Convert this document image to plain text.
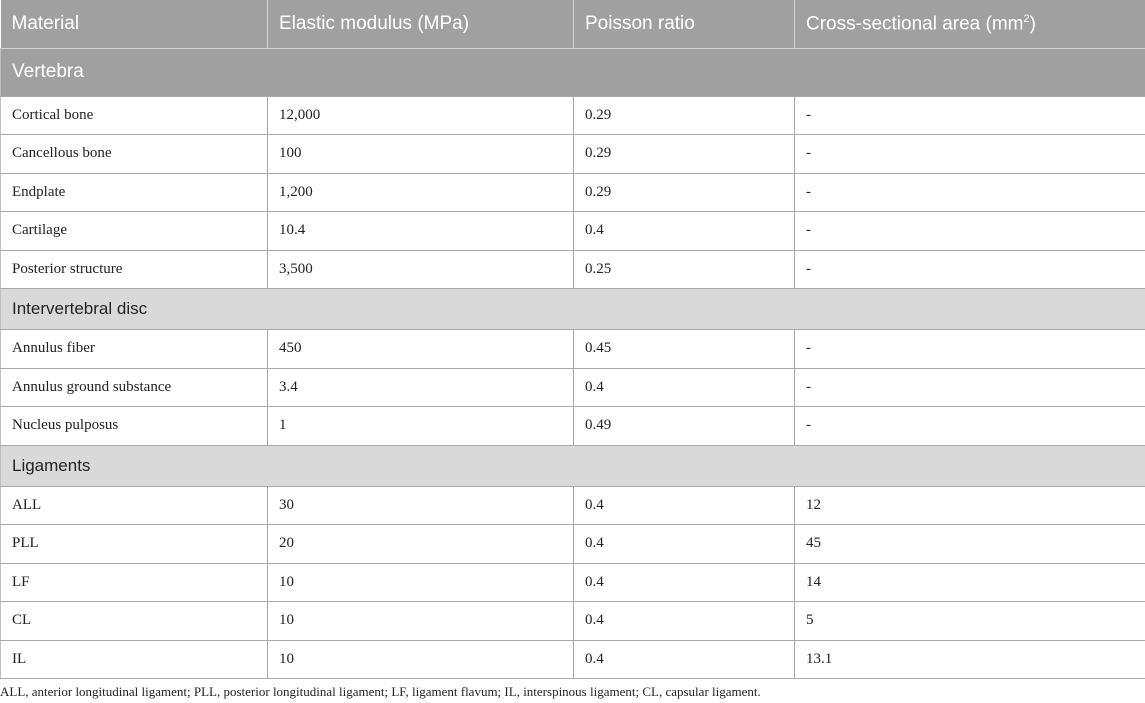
Material	Elastic modulus (MPa)	Poisson ratio	Cross-sectional area $(mm^2)$
Vertebra			
Cortical bone	12,000	0.29	-
Cancellous bone	100	0.29	-
Endplate	1,200	0.29	-
Cartilage	10.4	0.4	-
Posterior structure	3,500	0.25	-
Intervertebral disc			
Annulus fiber	450	0.45	-
Annulus ground substance	3.4	0.4	-
Nucleus pulposus	1	0.49	-
Ligaments			
ALL	30	0.4	12
PLL	20	0.4	45
LF	10	0.4	14
CL	10	0.4	5
IL	10	0.4	13.1
ALL, anterior longitudinal ligament; PLL, posterior longitudinal ligament; LF, ligament flavum; IL, interspinous ligament; CL, capsular ligament.
